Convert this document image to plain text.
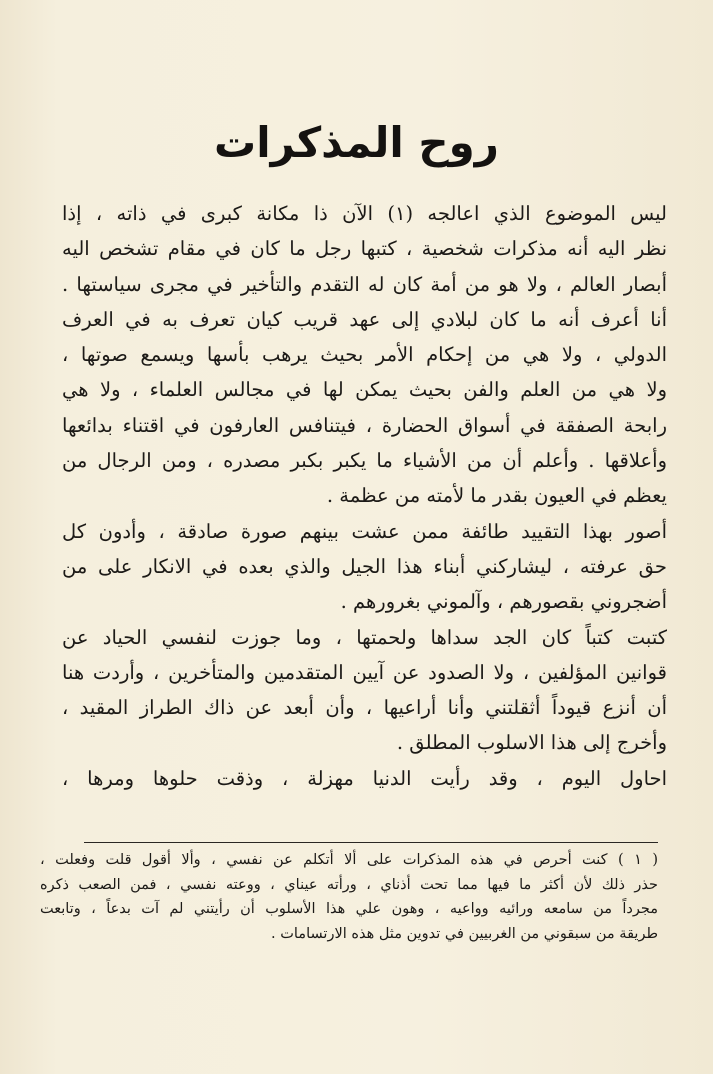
روح المذكرات
ليس الموضوع الذي اعالجه (١) الآن ذا مكانة كبرى في ذاته ، إذا
نظر اليه أنه مذكرات شخصية ، كتبها رجل ما كان في مقام تشخص اليه
أبصار العالم ، ولا هو من أمة كان له التقدم والتأخير في مجرى سياستها .
أنا أعرف أنه ما كان لبلادي إلى عهد قريب كيان تعرف به في العرف
الدولي ، ولا هي من إحكام الأمر بحيث يرهب بأسها ويسمع صوتها ،
ولا هي من العلم والفن بحيث يمكن لها في مجالس العلماء ، ولا هي
رابحة الصفقة في أسواق الحضارة ، فيتنافس العارفون في اقتناء بدائعها
وأعلاقها . وأعلم أن من الأشياء ما يكبر بكبر مصدره ، ومن الرجال من
يعظم في العيون بقدر ما لأمته من عظمة .
أصور بهذا التقييد طائفة ممن عشت بينهم صورة صادقة ، وأدون كل
حق عرفته ، ليشاركني أبناء هذا الجيل والذي بعده في الانكار على من
أضجروني بقصورهم ، وآلموني بغرورهم .
كتبت كتباً كان الجد سداها ولحمتها ، وما جوزت لنفسي الحياد عن
قوانين المؤلفين ، ولا الصدود عن آيين المتقدمين والمتأخرين ، وأردت هنا
أن أنزع قيوداً أثقلتني وأنا أراعيها ، وأن أبعد عن ذاك الطراز المقيد ،
وأخرج إلى هذا الاسلوب المطلق .
احاول اليوم ، وقد رأيت الدنيا مهزلة ، وذقت حلوها ومرها ،
( ١ ) كنت أحرص في هذه المذكرات على ألا أتكلم عن نفسي ، وألا أقول قلت وفعلت ،
حذر ذلك لأن أكثر ما فيها مما تحت أذناي ، ورأته عيناي ، ووعته نفسي ، فمن الصعب ذكره
مجرداً من سامعه ورائيه وواعيه ، وهون علي هذا الأسلوب أن رأيتني لم آت بدعاً ، وتابعت
طريقة من سبقوني من الغربيين في تدوين مثل هذه الارتسامات .
